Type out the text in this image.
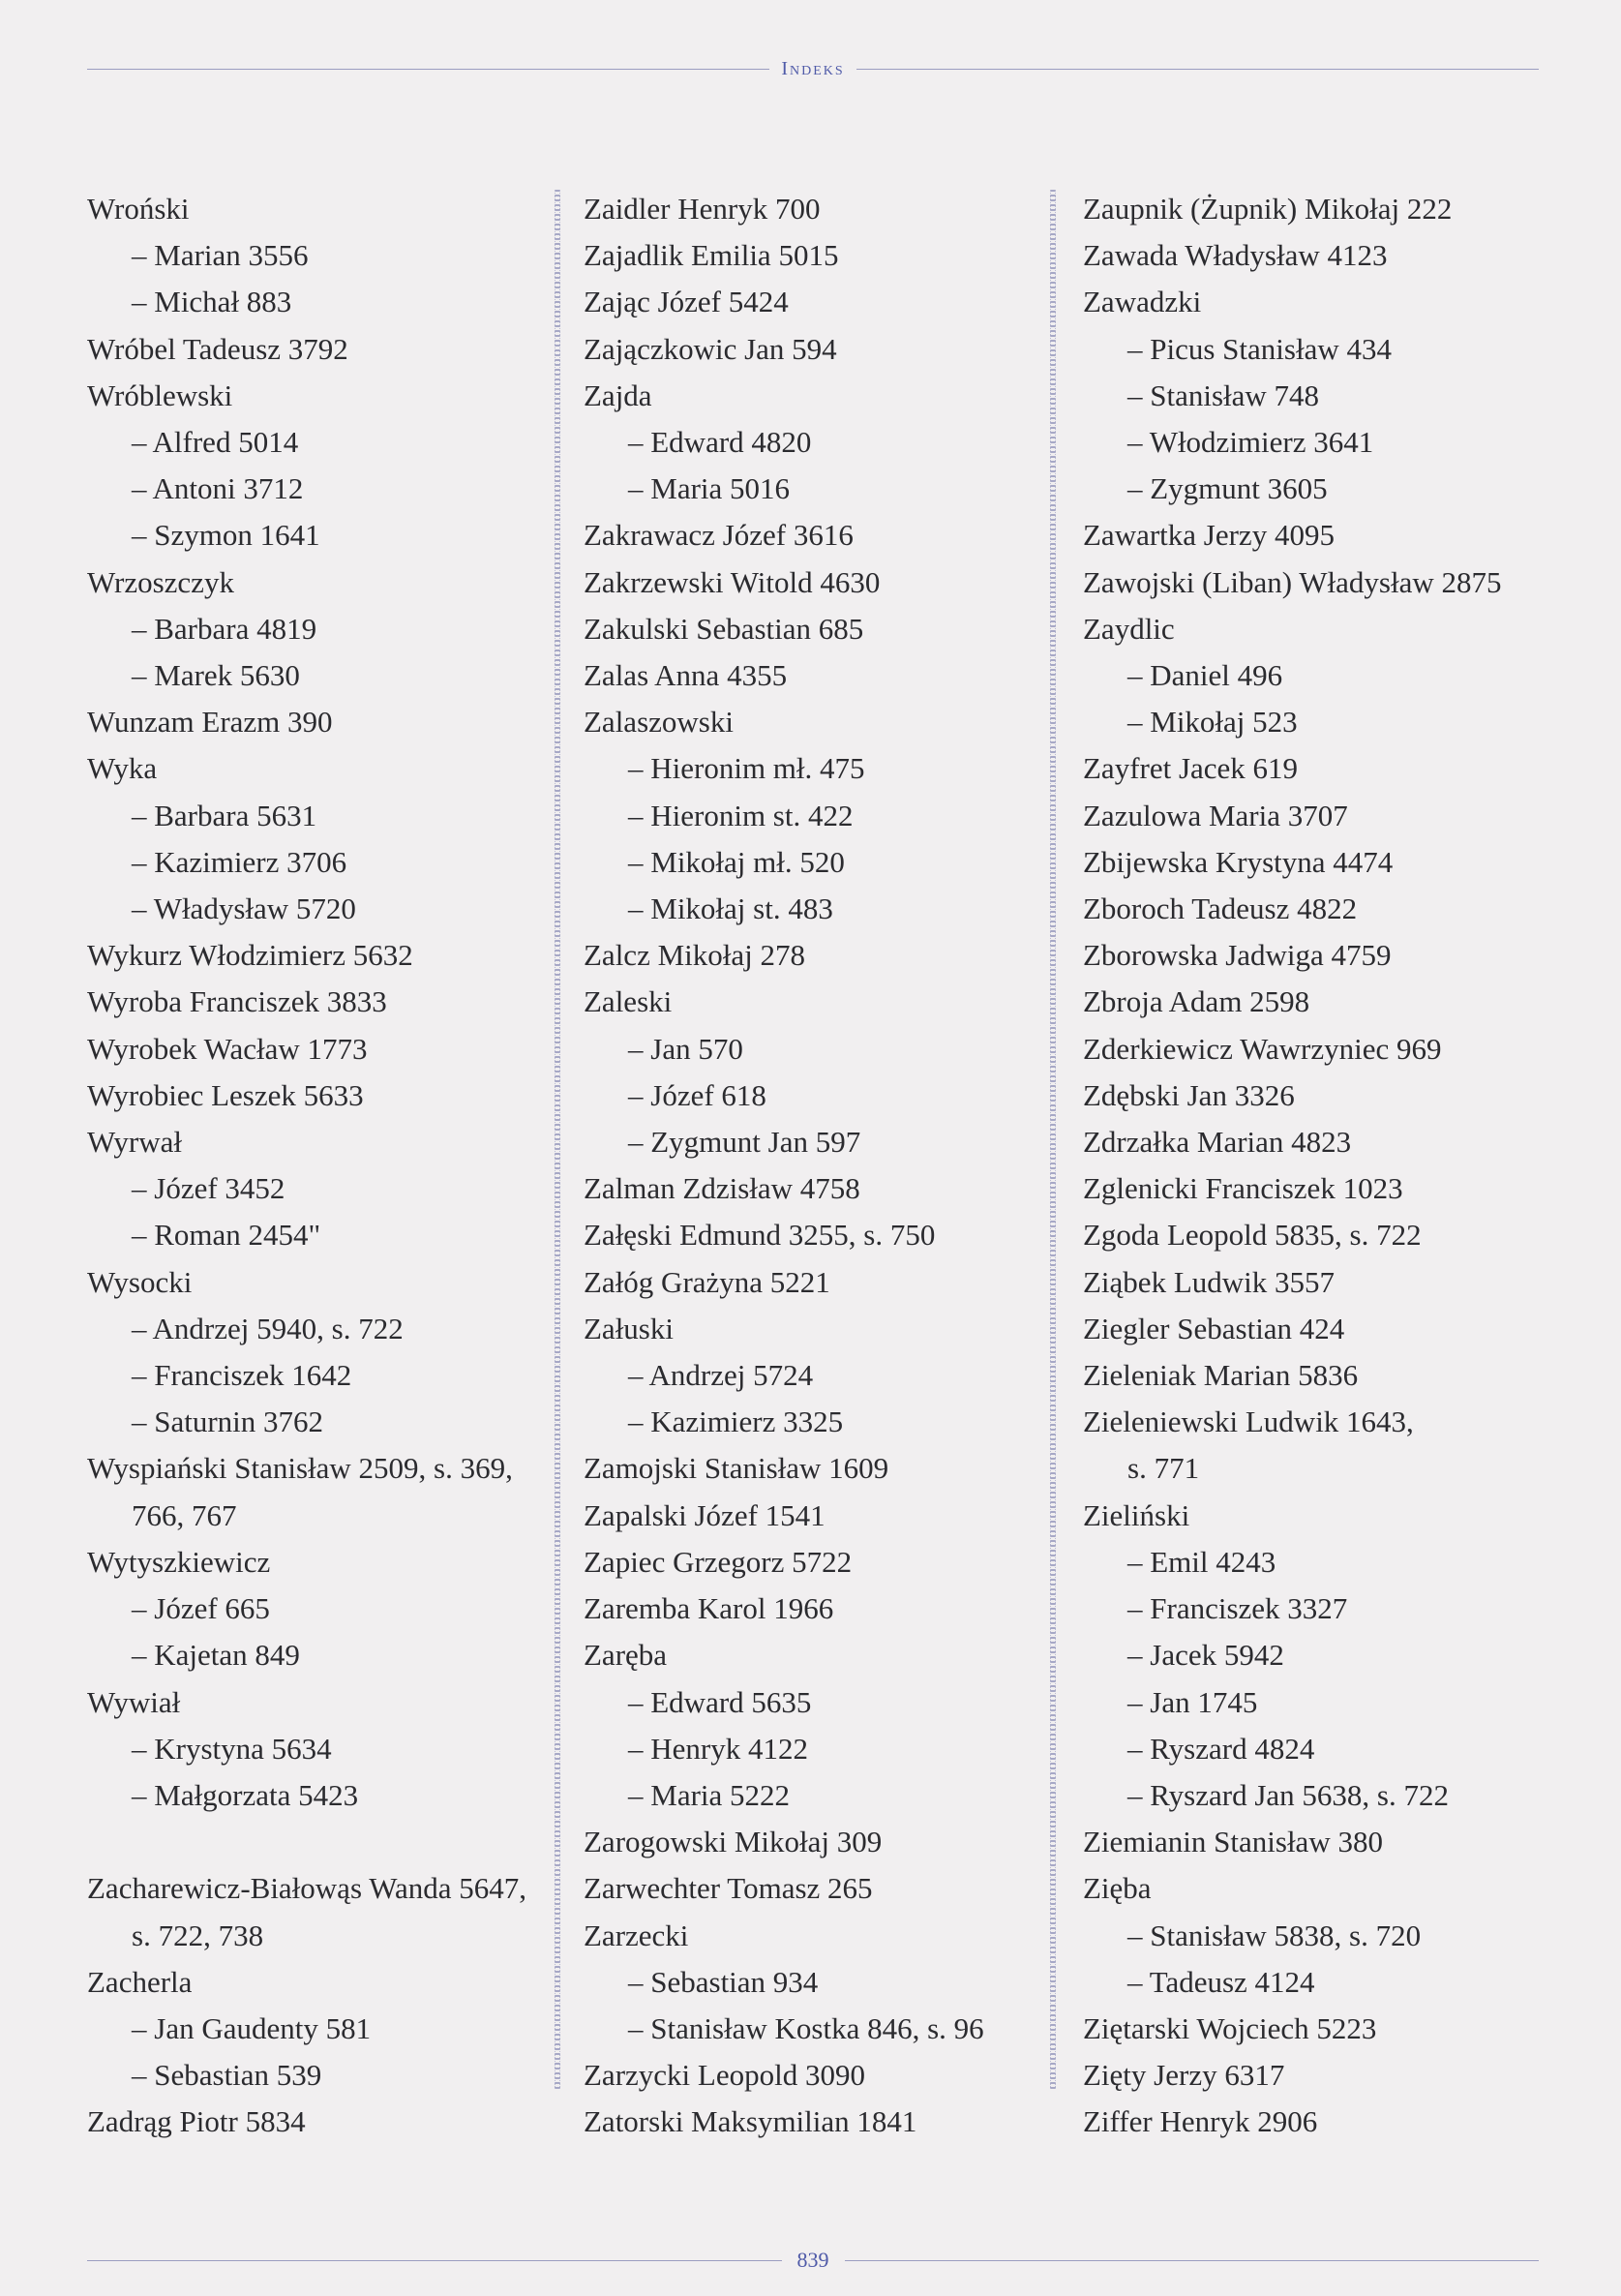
Indeks
Wroński
– Marian 3556
– Michał 883
Wróbel Tadeusz 3792
Wróblewski
– Alfred 5014
– Antoni 3712
– Szymon 1641
Wrzoszczyk
– Barbara 4819
– Marek 5630
Wunzam Erazm 390
Wyka
– Barbara 5631
– Kazimierz 3706
– Władysław 5720
Wykurz Włodzimierz 5632
Wyroba Franciszek 3833
Wyrobek Wacław 1773
Wyrobiec Leszek 5633
Wyrwał
– Józef 3452
– Roman 2454"
Wysocki
– Andrzej 5940, s. 722
– Franciszek 1642
– Saturnin 3762
Wyspiański Stanisław 2509, s. 369,
766, 767
Wytyszkiewicz
– Józef 665
– Kajetan 849
Wywiał
– Krystyna 5634
– Małgorzata 5423
Zacharewicz-Białowąs Wanda 5647,
s. 722, 738
Zacherla
– Jan Gaudenty 581
– Sebastian 539
Zadrąg Piotr 5834
Zaidler Henryk 700
Zajadlik Emilia 5015
Zając Józef 5424
Zajączkowic Jan 594
Zajda
– Edward 4820
– Maria 5016
Zakrawacz Józef 3616
Zakrzewski Witold 4630
Zakulski Sebastian 685
Zalas Anna 4355
Zalaszowski
– Hieronim mł. 475
– Hieronim st. 422
– Mikołaj mł. 520
– Mikołaj st. 483
Zalcz Mikołaj 278
Zaleski
– Jan 570
– Józef 618
– Zygmunt Jan 597
Zalman Zdzisław 4758
Załęski Edmund 3255, s. 750
Załóg Grażyna 5221
Załuski
– Andrzej 5724
– Kazimierz 3325
Zamojski Stanisław 1609
Zapalski Józef 1541
Zapiec Grzegorz 5722
Zaremba Karol 1966
Zaręba
– Edward 5635
– Henryk 4122
– Maria 5222
Zarogowski Mikołaj 309
Zarwechter Tomasz 265
Zarzecki
– Sebastian 934
– Stanisław Kostka 846, s. 96
Zarzycki Leopold 3090
Zatorski Maksymilian 1841
Zaupnik (Żupnik) Mikołaj 222
Zawada Władysław 4123
Zawadzki
– Picus Stanisław 434
– Stanisław 748
– Włodzimierz 3641
– Zygmunt 3605
Zawartka Jerzy 4095
Zawojski (Liban) Władysław 2875
Zaydlic
– Daniel 496
– Mikołaj 523
Zayfret Jacek 619
Zazulowa Maria 3707
Zbijewska Krystyna 4474
Zboroch Tadeusz 4822
Zborowska Jadwiga 4759
Zbroja Adam 2598
Zderkiewicz Wawrzyniec 969
Zdębski Jan 3326
Zdrzałka Marian 4823
Zglenicki Franciszek 1023
Zgoda Leopold 5835, s. 722
Ziąbek Ludwik 3557
Ziegler Sebastian 424
Zieleniak Marian 5836
Zieleniewski Ludwik 1643,
s. 771
Zieliński
– Emil 4243
– Franciszek 3327
– Jacek 5942
– Jan 1745
– Ryszard 4824
– Ryszard Jan 5638, s. 722
Ziemianin Stanisław 380
Zięba
– Stanisław 5838, s. 720
– Tadeusz 4124
Ziętarski Wojciech 5223
Zięty Jerzy 6317
Ziffer Henryk 2906
839
